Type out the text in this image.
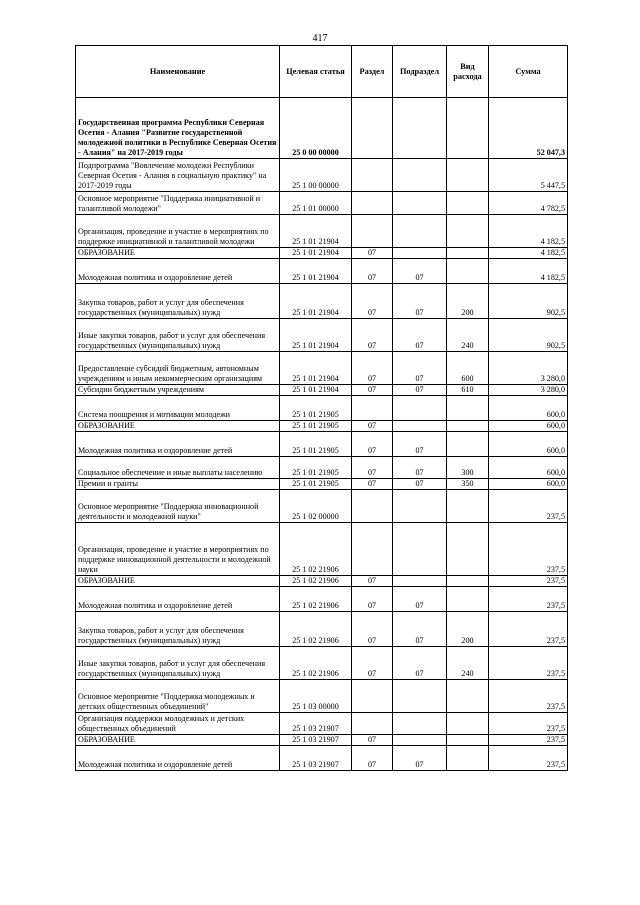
417
Наименование	Целевая статья	Раздел	Подраздел	Вид расхода	Сумма
Государственная программа Республики Северная Осетия - Алания "Развитие государственной молодежной политики в Республике Северная Осетия - Алания" на 2017-2019 годы	25 0 00 00000				52 047,3
Подпрограмма "Вовлечение молодежи Республики Северная Осетия - Алания в социальную практику" на 2017-2019 годы	25 1 00 00000				5 447,5
Основное мероприятие "Поддержка инициативной и талантливой молодежи"	25 1 01 00000				4 782,5
Организация, проведение и участие в мероприятиях по поддержке инициативной и талантливой молодежи	25 1 01 21904				4 182,5
ОБРАЗОВАНИЕ	25 1 01 21904	07			4 182,5
Молодежная политика и оздоровление детей	25 1 01 21904	07	07		4 182,5
Закупка товаров, работ и услуг для обеспечения государственных (муниципальных) нужд	25 1 01 21904	07	07	200	902,5
Иные закупки товаров, работ и услуг для обеспечения государственных (муниципальных) нужд	25 1 01 21904	07	07	240	902,5
Предоставление субсидий бюджетным, автономным учреждениям и иным некоммерческим организациям	25 1 01 21904	07	07	600	3 280,0
Субсидии бюджетным учреждениям	25 1 01 21904	07	07	610	3 280,0
Система поощрения и мотивации молодежи	25 1 01 21905				600,0
ОБРАЗОВАНИЕ	25 1 01 21905	07			600,0
Молодежная политика и оздоровление детей	25 1 01 21905	07	07		600,0
Социальное обеспечение и иные выплаты населению	25 1 01 21905	07	07	300	600,0
Премии и гранты	25 1 01 21905	07	07	350	600,0
Основное мероприятие "Поддержка инновационной деятельности и молодежной науки"	25 1 02 00000				237,5
Организация, проведение и участие в мероприятиях по поддержке инновационной деятельности и молодежной науки	25 1 02 21906				237,5
ОБРАЗОВАНИЕ	25 1 02 21906	07			237,5
Молодежная политика и оздоровление детей	25 1 02 21906	07	07		237,5
Закупка товаров, работ и услуг для обеспечения государственных (муниципальных) нужд	25 1 02 21906	07	07	200	237,5
Иные закупки товаров, работ и услуг для обеспечения государственных (муниципальных) нужд	25 1 02 21906	07	07	240	237,5
Основное мероприятие "Поддержка молодежных и детских общественных объединений"	25 1 03 00000				237,5
Организация поддержки молодежных и детских общественных объединений	25 1 03 21907				237,5
ОБРАЗОВАНИЕ	25 1 03 21907	07			237,5
Молодежная политика и оздоровление детей	25 1 03 21907	07	07		237,5
